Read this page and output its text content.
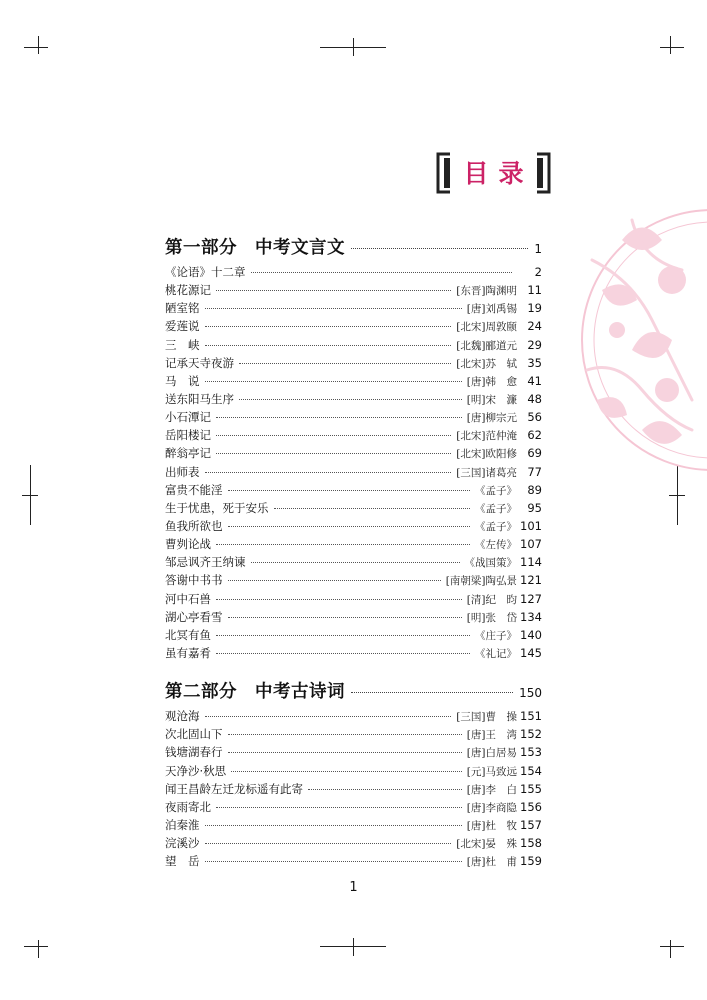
目录
第一部分　中考文言文	1
《论语》十二章	2
桃花源记	[东晋]陶渊明 11
陋室铭	[唐]刘禹锡 19
爱莲说	[北宋]周敦颐 24
三　峡	[北魏]郦道元 29
记承天寺夜游	[北宋]苏　轼 35
马　说	[唐]韩　愈 41
送东阳马生序	[明]宋　濂 48
小石潭记	[唐]柳宗元 56
岳阳楼记	[北宋]范仲淹 62
醉翁亭记	[北宋]欧阳修 69
出师表	[三国]诸葛亮 77
富贵不能淫	《孟子》 89
生于忧患，死于安乐	《孟子》 95
鱼我所欲也	《孟子》 101
曹刿论战	《左传》 107
邹忌讽齐王纳谏	《战国策》 114
答谢中书书	[南朝梁]陶弘景 121
河中石兽	[清]纪　昀 127
湖心亭看雪	[明]张　岱 134
北冥有鱼	《庄子》 140
虽有嘉肴	《礼记》 145
第二部分　中考古诗词	150
观沧海	[三国]曹　操 151
次北固山下	[唐]王　湾 152
钱塘湖春行	[唐]白居易 153
天净沙·秋思	[元]马致远 154
闻王昌龄左迁龙标遥有此寄	[唐]李　白 155
夜雨寄北	[唐]李商隐 156
泊秦淮	[唐]杜　牧 157
浣溪沙	[北宋]晏　殊 158
望　岳	[唐]杜　甫 159
1
